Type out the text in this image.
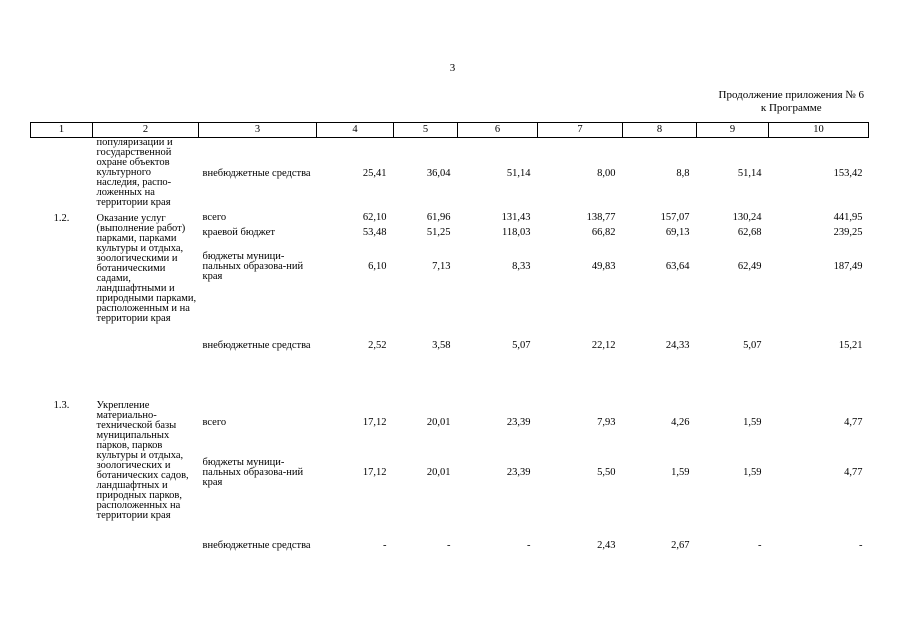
3
Продолжение приложения № 6
к Программе
1	2	3	4	5	6	7	8	9	10
	популяризации и государственной охране объектов культурного наследия, распо-ложенных на территории края	внебюджетные средства	25,41	36,04	51,14	8,00	8,8	51,14	153,42
1.2.	Оказание услуг (выполнение работ) парками, парками культуры и отдыха, зоологическими и ботаническими садами, ландшафтными и природными парками, расположенным и на территории края	всего	62,10	61,96	131,43	138,77	157,07	130,24	441,95
		краевой бюджет	53,48	51,25	118,03	66,82	69,13	62,68	239,25
		бюджеты муници-пальных образова-ний края	6,10	7,13	8,33	49,83	63,64	62,49	187,49
		внебюджетные средства	2,52	3,58	5,07	22,12	24,33	5,07	15,21
1.3.	Укрепление материально-технической базы муниципальных парков, парков культуры и отдыха, зоологических и ботанических садов, ландшафтных и природных парков, расположенных на территории края	всего	17,12	20,01	23,39	7,93	4,26	1,59	4,77
		бюджеты муници-пальных образова-ний края	17,12	20,01	23,39	5,50	1,59	1,59	4,77
		внебюджетные средства	-	-	-	2,43	2,67	-	-
